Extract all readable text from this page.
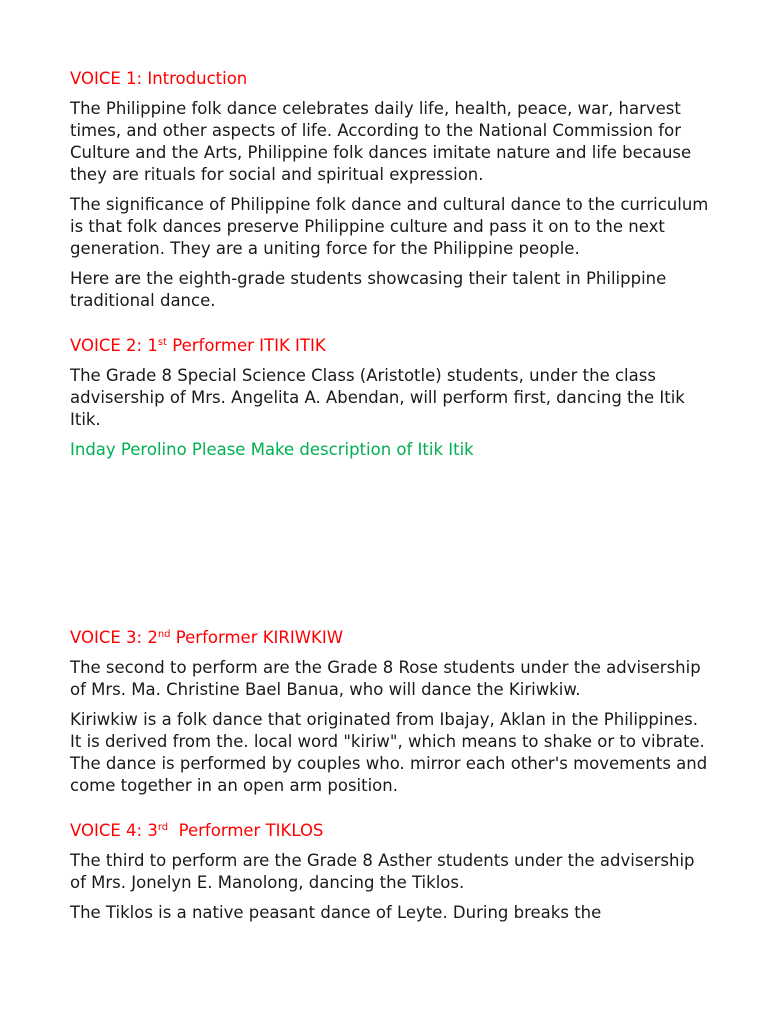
VOICE 1: Introduction

The Philippine folk dance celebrates daily life, health, peace, war, harvest times, and other aspects of life. According to the National Commission for Culture and the Arts, Philippine folk dances imitate nature and life because they are rituals for social and spiritual expression.

The significance of Philippine folk dance and cultural dance to the curriculum is that folk dances preserve Philippine culture and pass it on to the next generation. They are a uniting force for the Philippine people.

Here are the eighth-grade students showcasing their talent in Philippine traditional dance.

VOICE 2: 1st Performer ITIK ITIK

The Grade 8 Special Science Class (Aristotle) students, under the class advisership of Mrs. Angelita A. Abendan, will perform first, dancing the Itik Itik.

Inday Perolino Please Make description of Itik Itik

VOICE 3: 2nd Performer KIRIWKIW

The second to perform are the Grade 8 Rose students under the advisership of Mrs. Ma. Christine Bael Banua, who will dance the Kiriwkiw.

Kiriwkiw is a folk dance that originated from Ibajay, Aklan in the Philippines. It is derived from the. local word "kiriw", which means to shake or to vibrate. The dance is performed by couples who. mirror each other's movements and come together in an open arm position.

VOICE 4: 3rd  Performer TIKLOS

The third to perform are the Grade 8 Asther students under the advisership of Mrs. Jonelyn E. Manolong, dancing the Tiklos.

The Tiklos is a native peasant dance of Leyte. During breaks the
